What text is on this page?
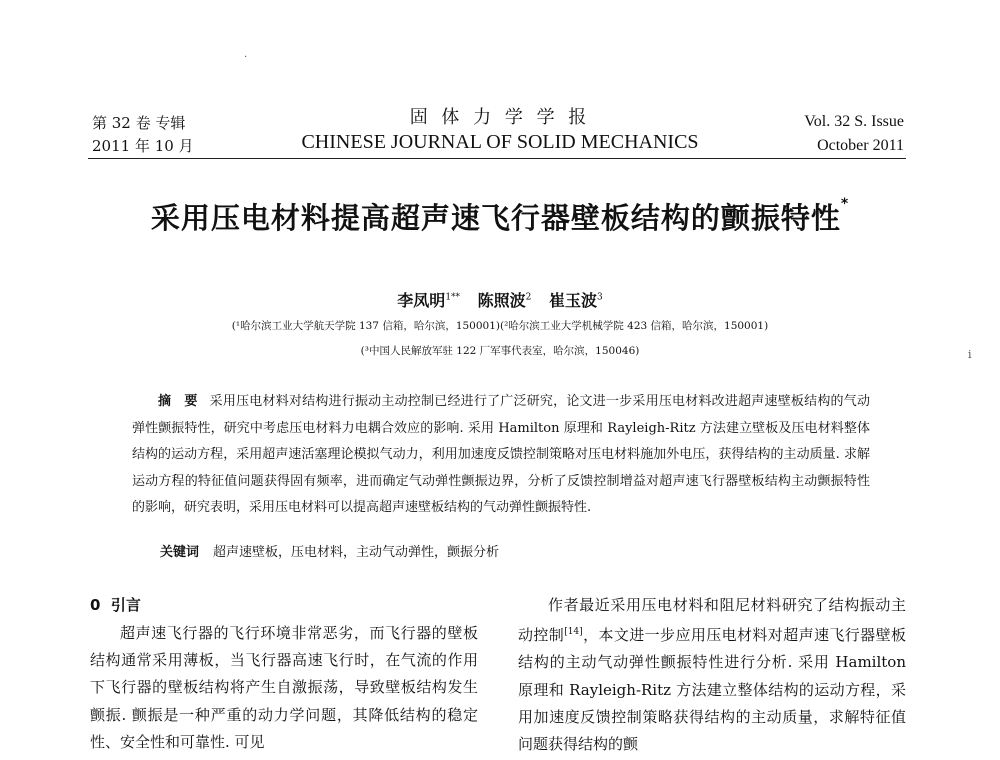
·
第 32 卷 专辑
2011 年 10 月
固 体 力 学 学 报
CHINESE JOURNAL OF SOLID MECHANICS
Vol. 32 S. Issue
October 2011
采用压电材料提高超声速飞行器壁板结构的颤振特性*
李凤明$^{1**}$ 陈照波$^2$ 崔玉波$^3$
(¹哈尔滨工业大学航天学院 137 信箱，哈尔滨，150001)(²哈尔滨工业大学机械学院 423 信箱，哈尔滨，150001)
(³中国人民解放军驻 122 厂军事代表室，哈尔滨，150046)	i
摘　要 采用压电材料对结构进行振动主动控制已经进行了广泛研究，论文进一步采用压电材料改进超声速壁板结构的气动弹性颤振特性，研究中考虑压电材料力电耦合效应的影响. 采用 Hamilton 原理和 Rayleigh-Ritz 方法建立壁板及压电材料整体结构的运动方程，采用超声速活塞理论模拟气动力，利用加速度反馈控制策略对压电材料施加外电压，获得结构的主动质量. 求解运动方程的特征值问题获得固有频率，进而确定气动弹性颤振边界，分析了反馈控制增益对超声速飞行器壁板结构主动颤振特性的影响，研究表明，采用压电材料可以提高超声速壁板结构的气动弹性颤振特性.
关键词 超声速壁板，压电材料，主动气动弹性，颤振分析
0 引言
超声速飞行器的飞行环境非常恶劣，而飞行器的壁板结构通常采用薄板，当飞行器高速飞行时，在气流的作用下飞行器的壁板结构将产生自激振荡，导致壁板结构发生颤振. 颤振是一种严重的动力学问题，其降低结构的稳定性、安全性和可靠性. 可见
作者最近采用压电材料和阻尼材料研究了结构振动主动控制[14]，本文进一步应用压电材料对超声速飞行器壁板结构的主动气动弹性颤振特性进行分析. 采用 Hamilton 原理和 Rayleigh-Ritz 方法建立整体结构的运动方程，采用加速度反馈控制策略获得结构的主动质量，求解特征值问题获得结构的颤
